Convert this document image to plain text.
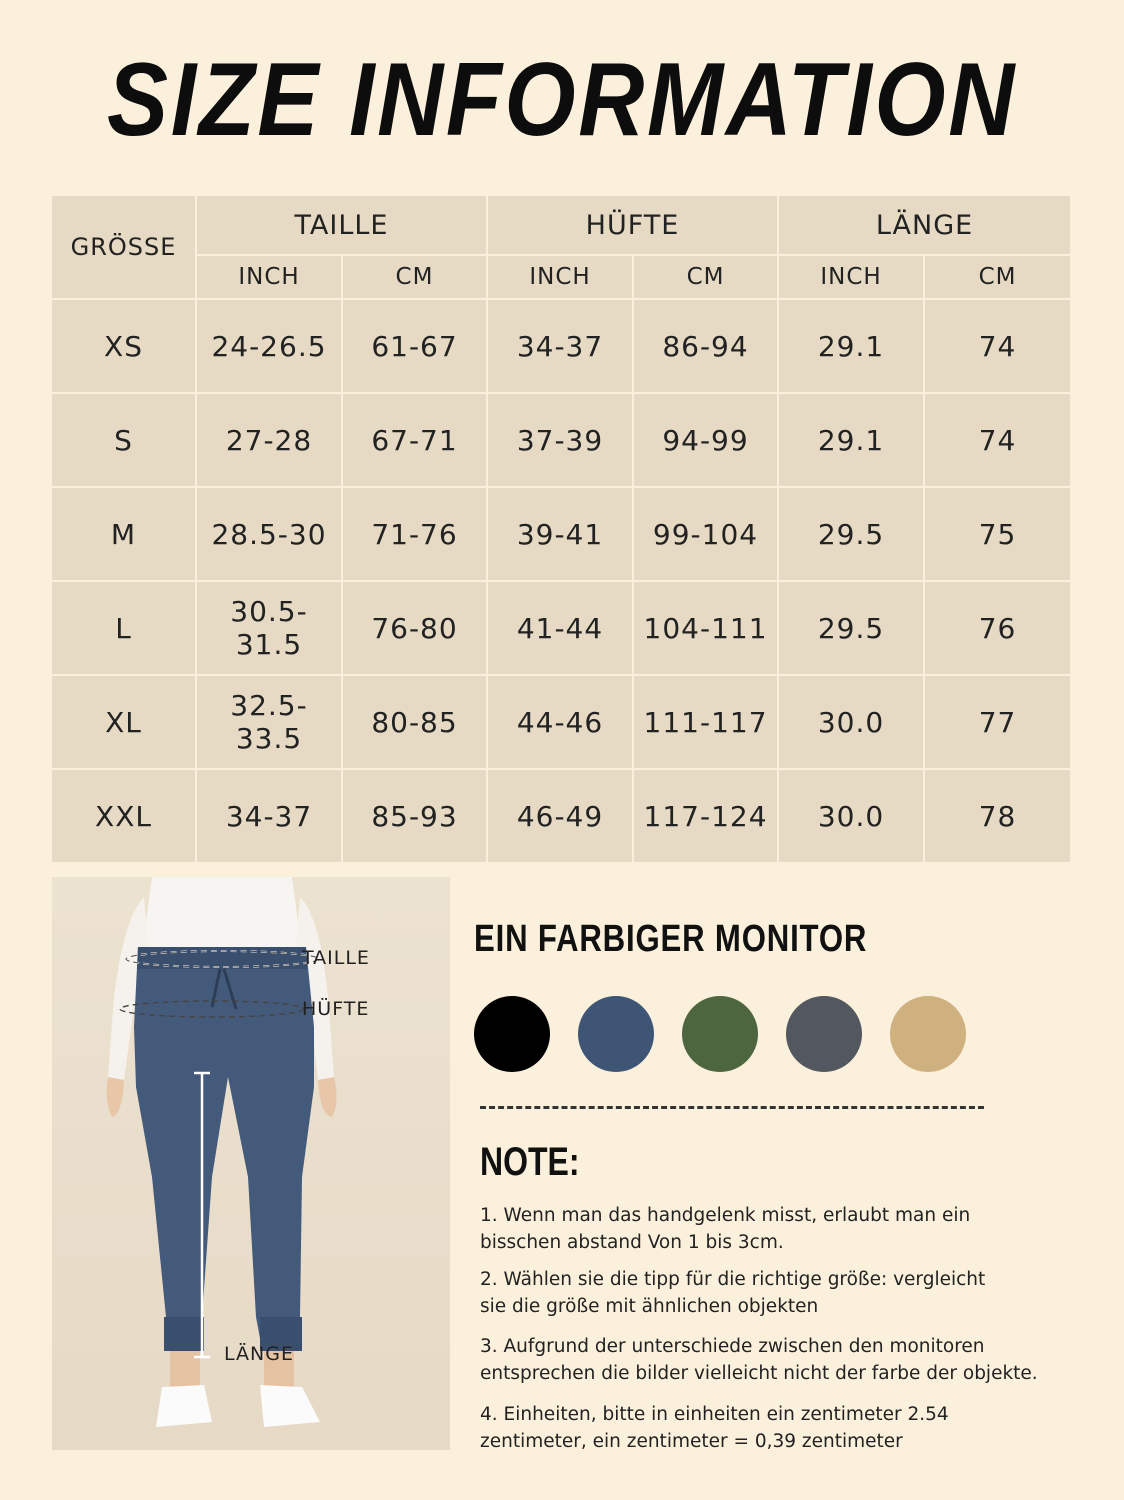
SIZE INFORMATION
GRÖSSE	TAILLE		HÜFTE		LÄNGE	
	INCH	CM	INCH	CM	INCH	CM
XS	24-26.5	61-67	34-37	86-94	29.1	74
S	27-28	67-71	37-39	94-99	29.1	74
M	28.5-30	71-76	39-41	99-104	29.5	75
L	30.5-31.5	76-80	41-44	104-111	29.5	76
XL	32.5-33.5	80-85	44-46	111-117	30.0	77
XXL	34-37	85-93	46-49	117-124	30.0	78
TAILLE
HÜFTE
LÄNGE
EIN FARBIGER MONITOR
NOTE:
1. Wenn man das handgelenk misst, erlaubt man ein
bisschen abstand Von 1 bis 3cm.
2. Wählen sie die tipp für die richtige größe: vergleicht
sie die größe mit ähnlichen objekten
3. Aufgrund der unterschiede zwischen den monitoren
entsprechen die bilder vielleicht nicht der farbe der objekte.
4. Einheiten, bitte in einheiten ein zentimeter 2.54
zentimeter, ein zentimeter = 0,39 zentimeter
